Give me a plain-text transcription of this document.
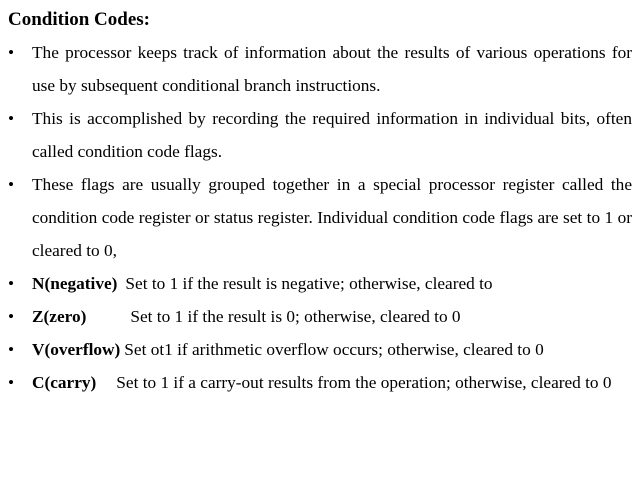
Condition Codes:
•	The processor keeps track of information about the results of various operations for use by subsequent conditional branch instructions.
•	This is accomplished by recording the required information in individual bits, often called condition code flags.
•	These flags are usually grouped together in a special processor register called the condition code register or status register. Individual condition code flags are set to 1 or cleared to 0,
•	N(negative) Set to 1 if the result is negative; otherwise, cleared to
•	Z(zero)	Set to 1 if the result is 0; otherwise, cleared to 0
•	V(overflow) Set ot1 if arithmetic overflow occurs; otherwise, cleared to 0
•	C(carry) Set to 1 if a carry-out results from the operation; otherwise, cleared to 0
